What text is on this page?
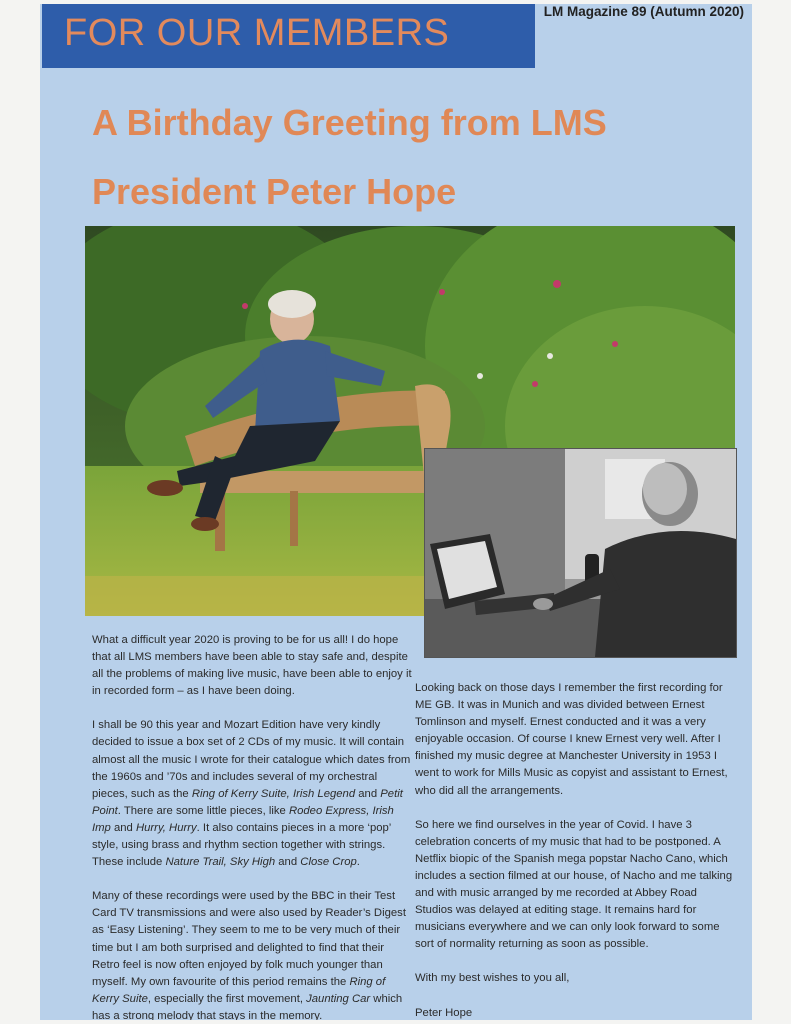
FOR OUR MEMBERS
LM Magazine 89 (Autumn 2020)
A Birthday Greeting from LMS
President Peter Hope

What a difficult year 2020 is proving to be for us all! I do hope that all LMS members have been able to stay safe and, despite all the problems of making live music, have been able to enjoy it in recorded form – as I have been doing.

I shall be 90 this year and Mozart Edition have very kindly decided to issue a box set of 2 CDs of my music. It will contain almost all the music I wrote for their catalogue which dates from the 1960s and ’70s and includes several of my orchestral pieces, such as the Ring of Kerry Suite, Irish Legend and Petit Point. There are some little pieces, like Rodeo Express, Irish Imp and Hurry, Hurry. It also contains pieces in a more ‘pop’ style, using brass and rhythm section together with strings. These include Nature Trail, Sky High and Close Crop.

Many of these recordings were used by the BBC in their Test Card TV transmissions and were also used by Reader’s Digest as ‘Easy Listening’. They seem to me to be very much of their time but I am both surprised and delighted to find that their Retro feel is now often enjoyed by folk much younger than myself. My own favourite of this period remains the Ring of Kerry Suite, especially the first movement, Jaunting Car which has a strong melody that stays in the memory.

Looking back on those days I remember the first recording for ME GB. It was in Munich and was divided between Ernest Tomlinson and myself. Ernest conducted and it was a very enjoyable occasion. Of course I knew Ernest very well. After I finished my music degree at Manchester University in 1953 I went to work for Mills Music as copyist and assistant to Ernest, who did all the arrangements.

So here we find ourselves in the year of Covid. I have 3 celebration concerts of my music that had to be postponed. A Netflix biopic of the Spanish mega popstar Nacho Cano, which includes a section filmed at our house, of Nacho and me talking and with music arranged by me recorded at Abbey Road Studios was delayed at editing stage. It remains hard for musicians everywhere and we can only look forward to some sort of normality returning as soon as possible.

With my best wishes to you all,

Peter Hope
